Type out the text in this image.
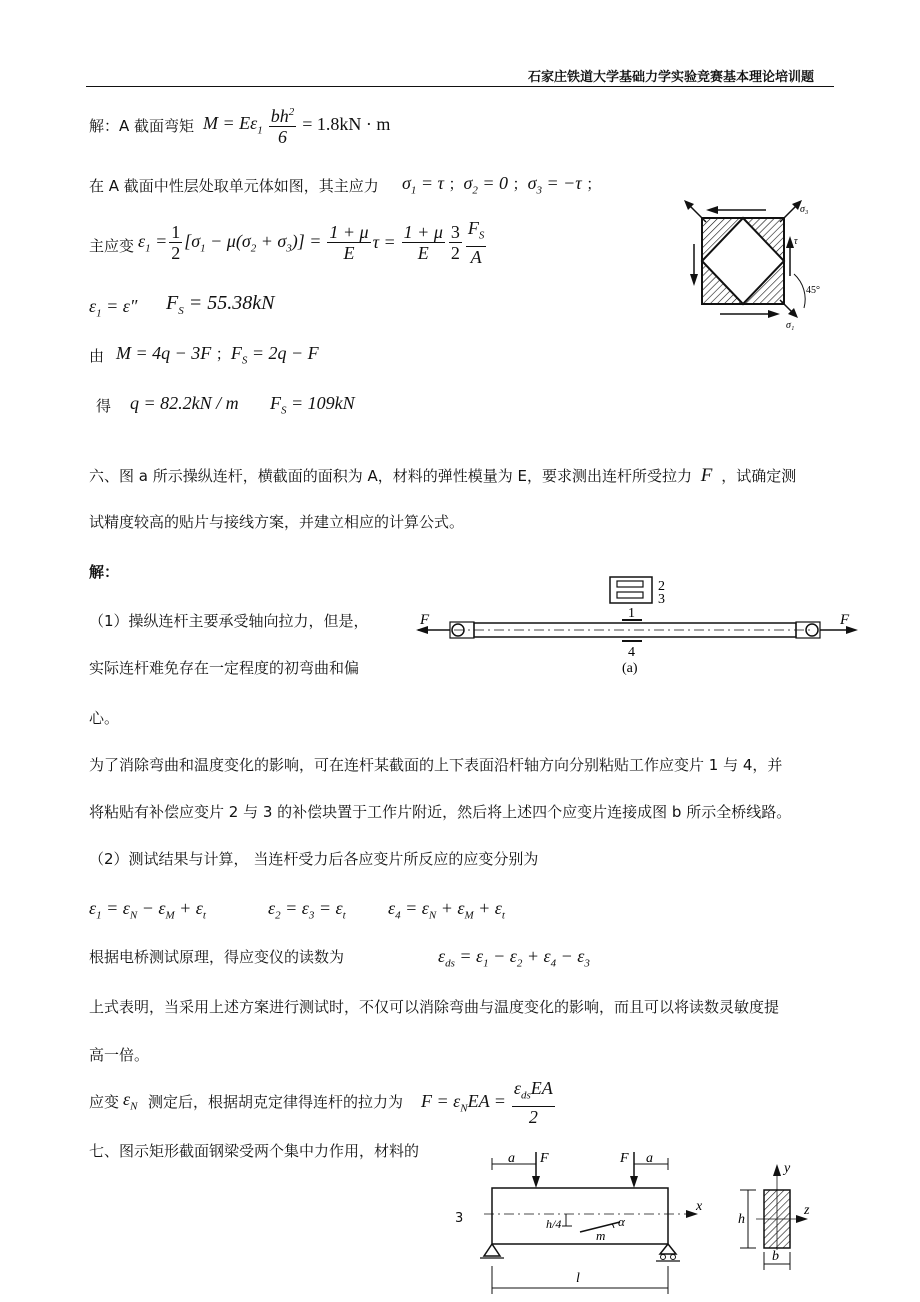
石家庄铁道大学基础力学实验竞赛基本理论培训题
解：A 截面弯矩 $M = E\varepsilon_1 \frac{bh^2}{6} = 1.8kN \cdot m$
在 A 截面中性层处取单元体如图，其主应力 $\sigma_1 = \tau$ ；$\sigma_2 = 0$ ；$\sigma_3 = -\tau$ ；
主应变 $\varepsilon_1 = \frac{1}{2} [\sigma_1 - \mu(\sigma_2 + \sigma_3)] = \frac{1 + \mu}{E}$ $\tau = \frac{1 + \mu}{E} \frac{3}{2} \frac{F_S}{A}$
$\varepsilon_1 = \varepsilon''$ $F_S = 55.38kN$
由 M = 4q − 3F ；$F_S = 2q - F$
得 q = 82.2kN / m $F_S = 109kN$
σ₃
τ
45°
σ₁
六、图 a 所示操纵连杆，横截面的面积为 A，材料的弹性模量为 E，要求测出连杆所受拉力 F ，试确定测
试精度较高的贴片与接线方案，并建立相应的计算公式。
解：
（1）操纵连杆主要承受轴向拉力，但是，
实际连杆难免存在一定程度的初弯曲和偏
心。
2
3
1
F	F
4
(a)
为了消除弯曲和温度变化的影响，可在连杆某截面的上下表面沿杆轴方向分别粘贴工作应变片 1 与 4，并
将粘贴有补偿应变片 2 与 3 的补偿块置于工作片附近，然后将上述四个应变片连接成图 b 所示全桥线路。
（2）测试结果与计算， 当连杆受力后各应变片所反应的应变分别为
$\varepsilon_1 = \varepsilon_N - \varepsilon_M + \varepsilon_t$	$\varepsilon_2 = \varepsilon_3 = \varepsilon_t$ $\varepsilon_4 = \varepsilon_N + \varepsilon_M + \varepsilon_t$
根据电桥测试原理，得应变仪的读数为	$\varepsilon_{ds} = \varepsilon_1 - \varepsilon_2 + \varepsilon_4 - \varepsilon_3$
上式表明，当采用上述方案进行测试时，不仅可以消除弯曲与温度变化的影响，而且可以将读数灵敏度提
高一倍。
应变 $\varepsilon_N$ 测定后，根据胡克定律得连杆的拉力为 $F = \varepsilon_NEA = \frac{\varepsilon_{ds}EA}{2}$
七、图示矩形截面钢梁受两个集中力作用，材料的
3
a F	F a
x
h/4	α
m
l
y
z
h
b
